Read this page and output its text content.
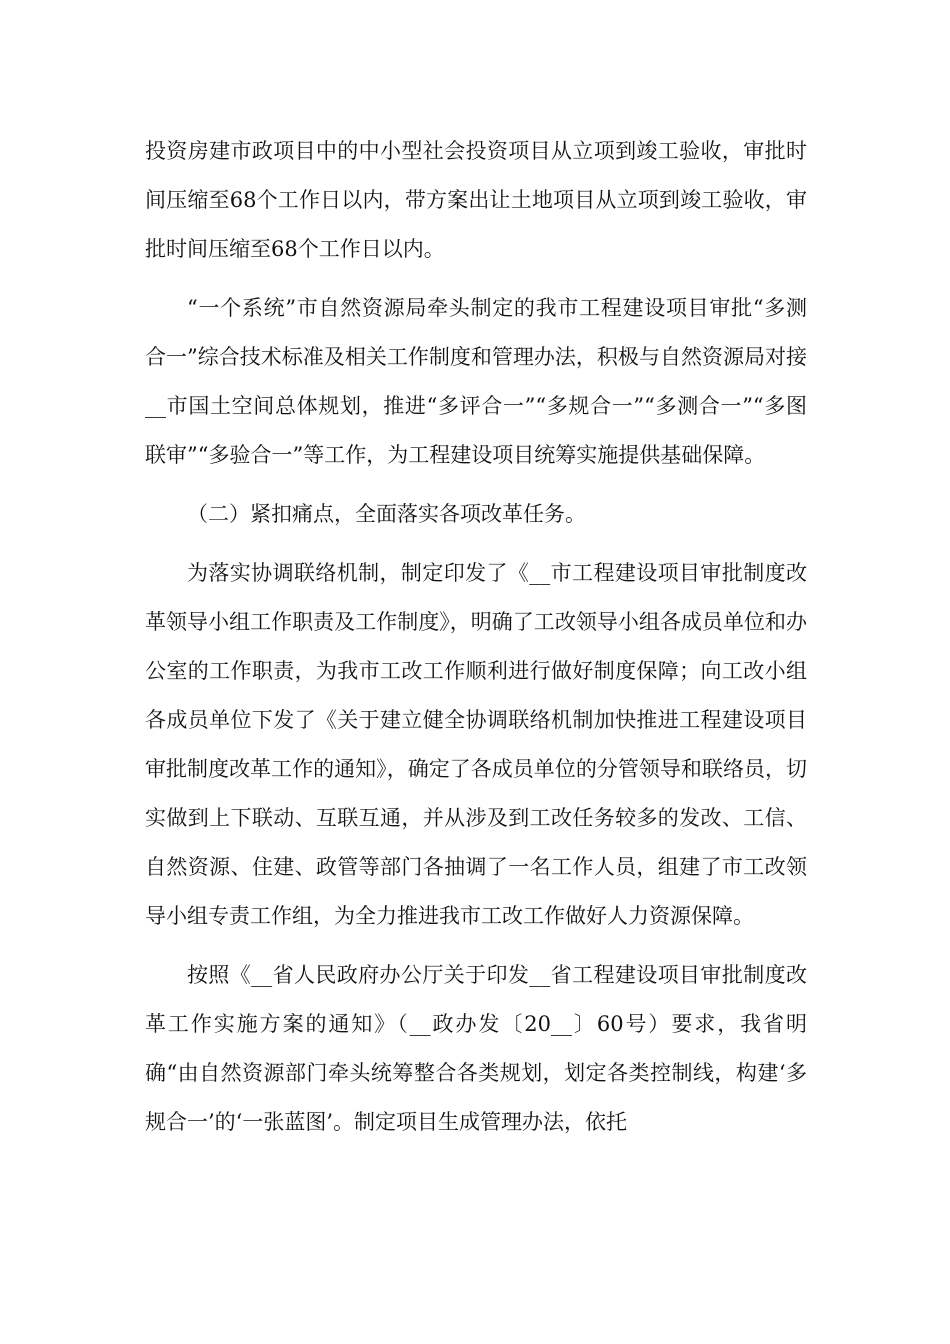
投资房建市政项目中的中小型社会投资项目从立项到竣工验收，审批时间压缩至68个工作日以内，带方案出让土地项目从立项到竣工验收，审批时间压缩至68个工作日以内。

“一个系统”市自然资源局牵头制定的我市工程建设项目审批“多测合一”综合技术标准及相关工作制度和管理办法，积极与自然资源局对接__市国土空间总体规划，推进“多评合一”“多规合一”“多测合一”“多图联审”“多验合一”等工作，为工程建设项目统筹实施提供基础保障。

（二）紧扣痛点，全面落实各项改革任务。

为落实协调联络机制，制定印发了《__市工程建设项目审批制度改革领导小组工作职责及工作制度》，明确了工改领导小组各成员单位和办公室的工作职责，为我市工改工作顺利进行做好制度保障；向工改小组各成员单位下发了《关于建立健全协调联络机制加快推进工程建设项目审批制度改革工作的通知》，确定了各成员单位的分管领导和联络员，切实做到上下联动、互联互通，并从涉及到工改任务较多的发改、工信、自然资源、住建、政管等部门各抽调了一名工作人员，组建了市工改领导小组专责工作组，为全力推进我市工改工作做好人力资源保障。

按照《__省人民政府办公厅关于印发__省工程建设项目审批制度改革工作实施方案的通知》（__政办发〔20__〕60号）要求，我省明确“由自然资源部门牵头统筹整合各类规划，划定各类控制线，构建‘多规合一’的‘一张蓝图’。制定项目生成管理办法，依托
